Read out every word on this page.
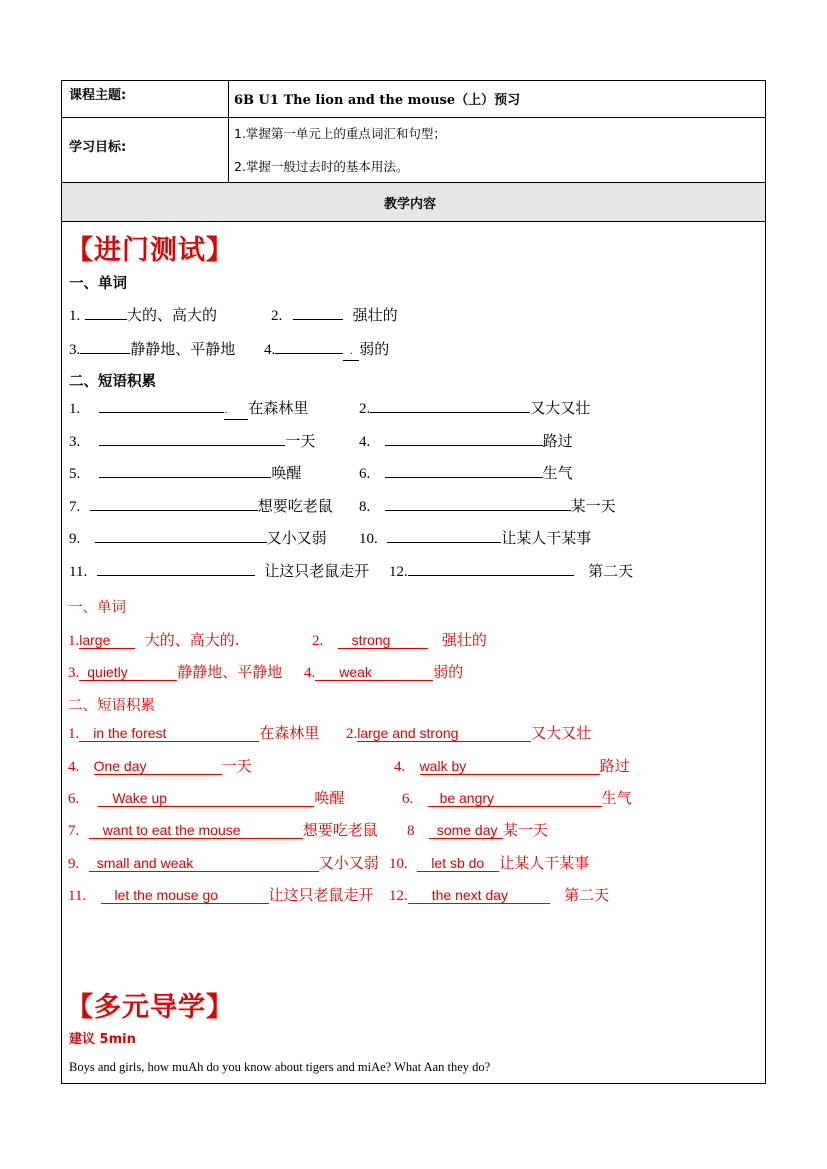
课程主题:	6B U1 The lion and the mouse（上）预习
学习目标:
1.掌握第一单元上的重点词汇和句型；
2.掌握一般过去时的基本用法。
教学内容
【进门测试】
一、单词
1.	大的、高大的	2.	强壮的
3.	静静地、平静地 4.	. 弱的
二、短语积累
1.	. 在森林里	2.	又大又壮
3.	一天	4.	路过
5.	唤醒	6.	生气
7.	想要吃老鼠 8.	某一天
9.	又小又弱 10.	让某人干某事
11.	让这只老鼠走开 12.	第二天
一、单词
1.large 大的、高大的.	2. strong	强壮的
3. quietly	静静地、平静地 4. weak	弱的
二、短语积累
1. in the forest	在森林里 2.large and strong	又大又壮
4. One day	一天	4. walk by	路过
6. Wake up	唤醒	6. be angry	生气
7. want to eat the mouse	想要吃老鼠 8 some day 某一天
9. small and weak	又小又弱 10. let sb do 让某人干某事
11. let the mouse go	让这只老鼠走开 12. the next day	第二天
【多元导学】
建议 5min
Boys and girls, how muAh do you know about tigers and miAe? What Aan they do?
